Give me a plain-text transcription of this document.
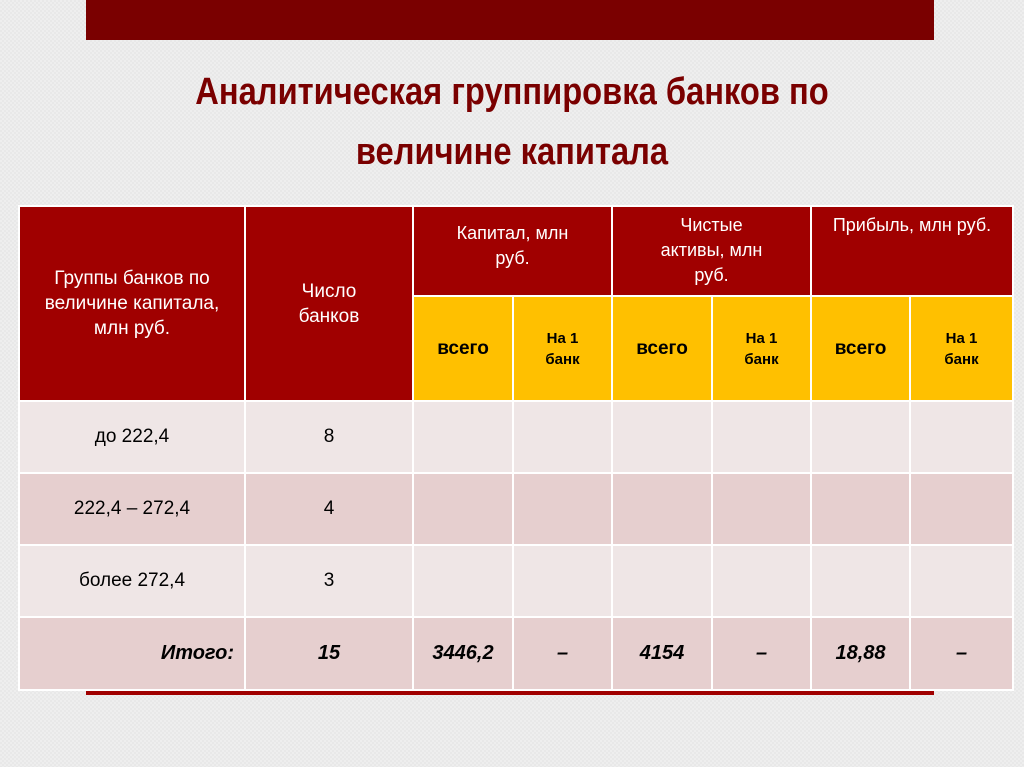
Аналитическая группировка банков по
величине капитала
Группы банков по величине капитала, млн руб.	Число банков	Капитал, млн руб.		Чистые активы, млн руб.		Прибыль, млн руб.	
		всего	На 1 банк	всего	На 1 банк	всего	На 1 банк
до 222,4	8						
222,4 – 272,4	4						
более 272,4	3						
Итого:	15	3446,2	–	4154	–	18,88	–
